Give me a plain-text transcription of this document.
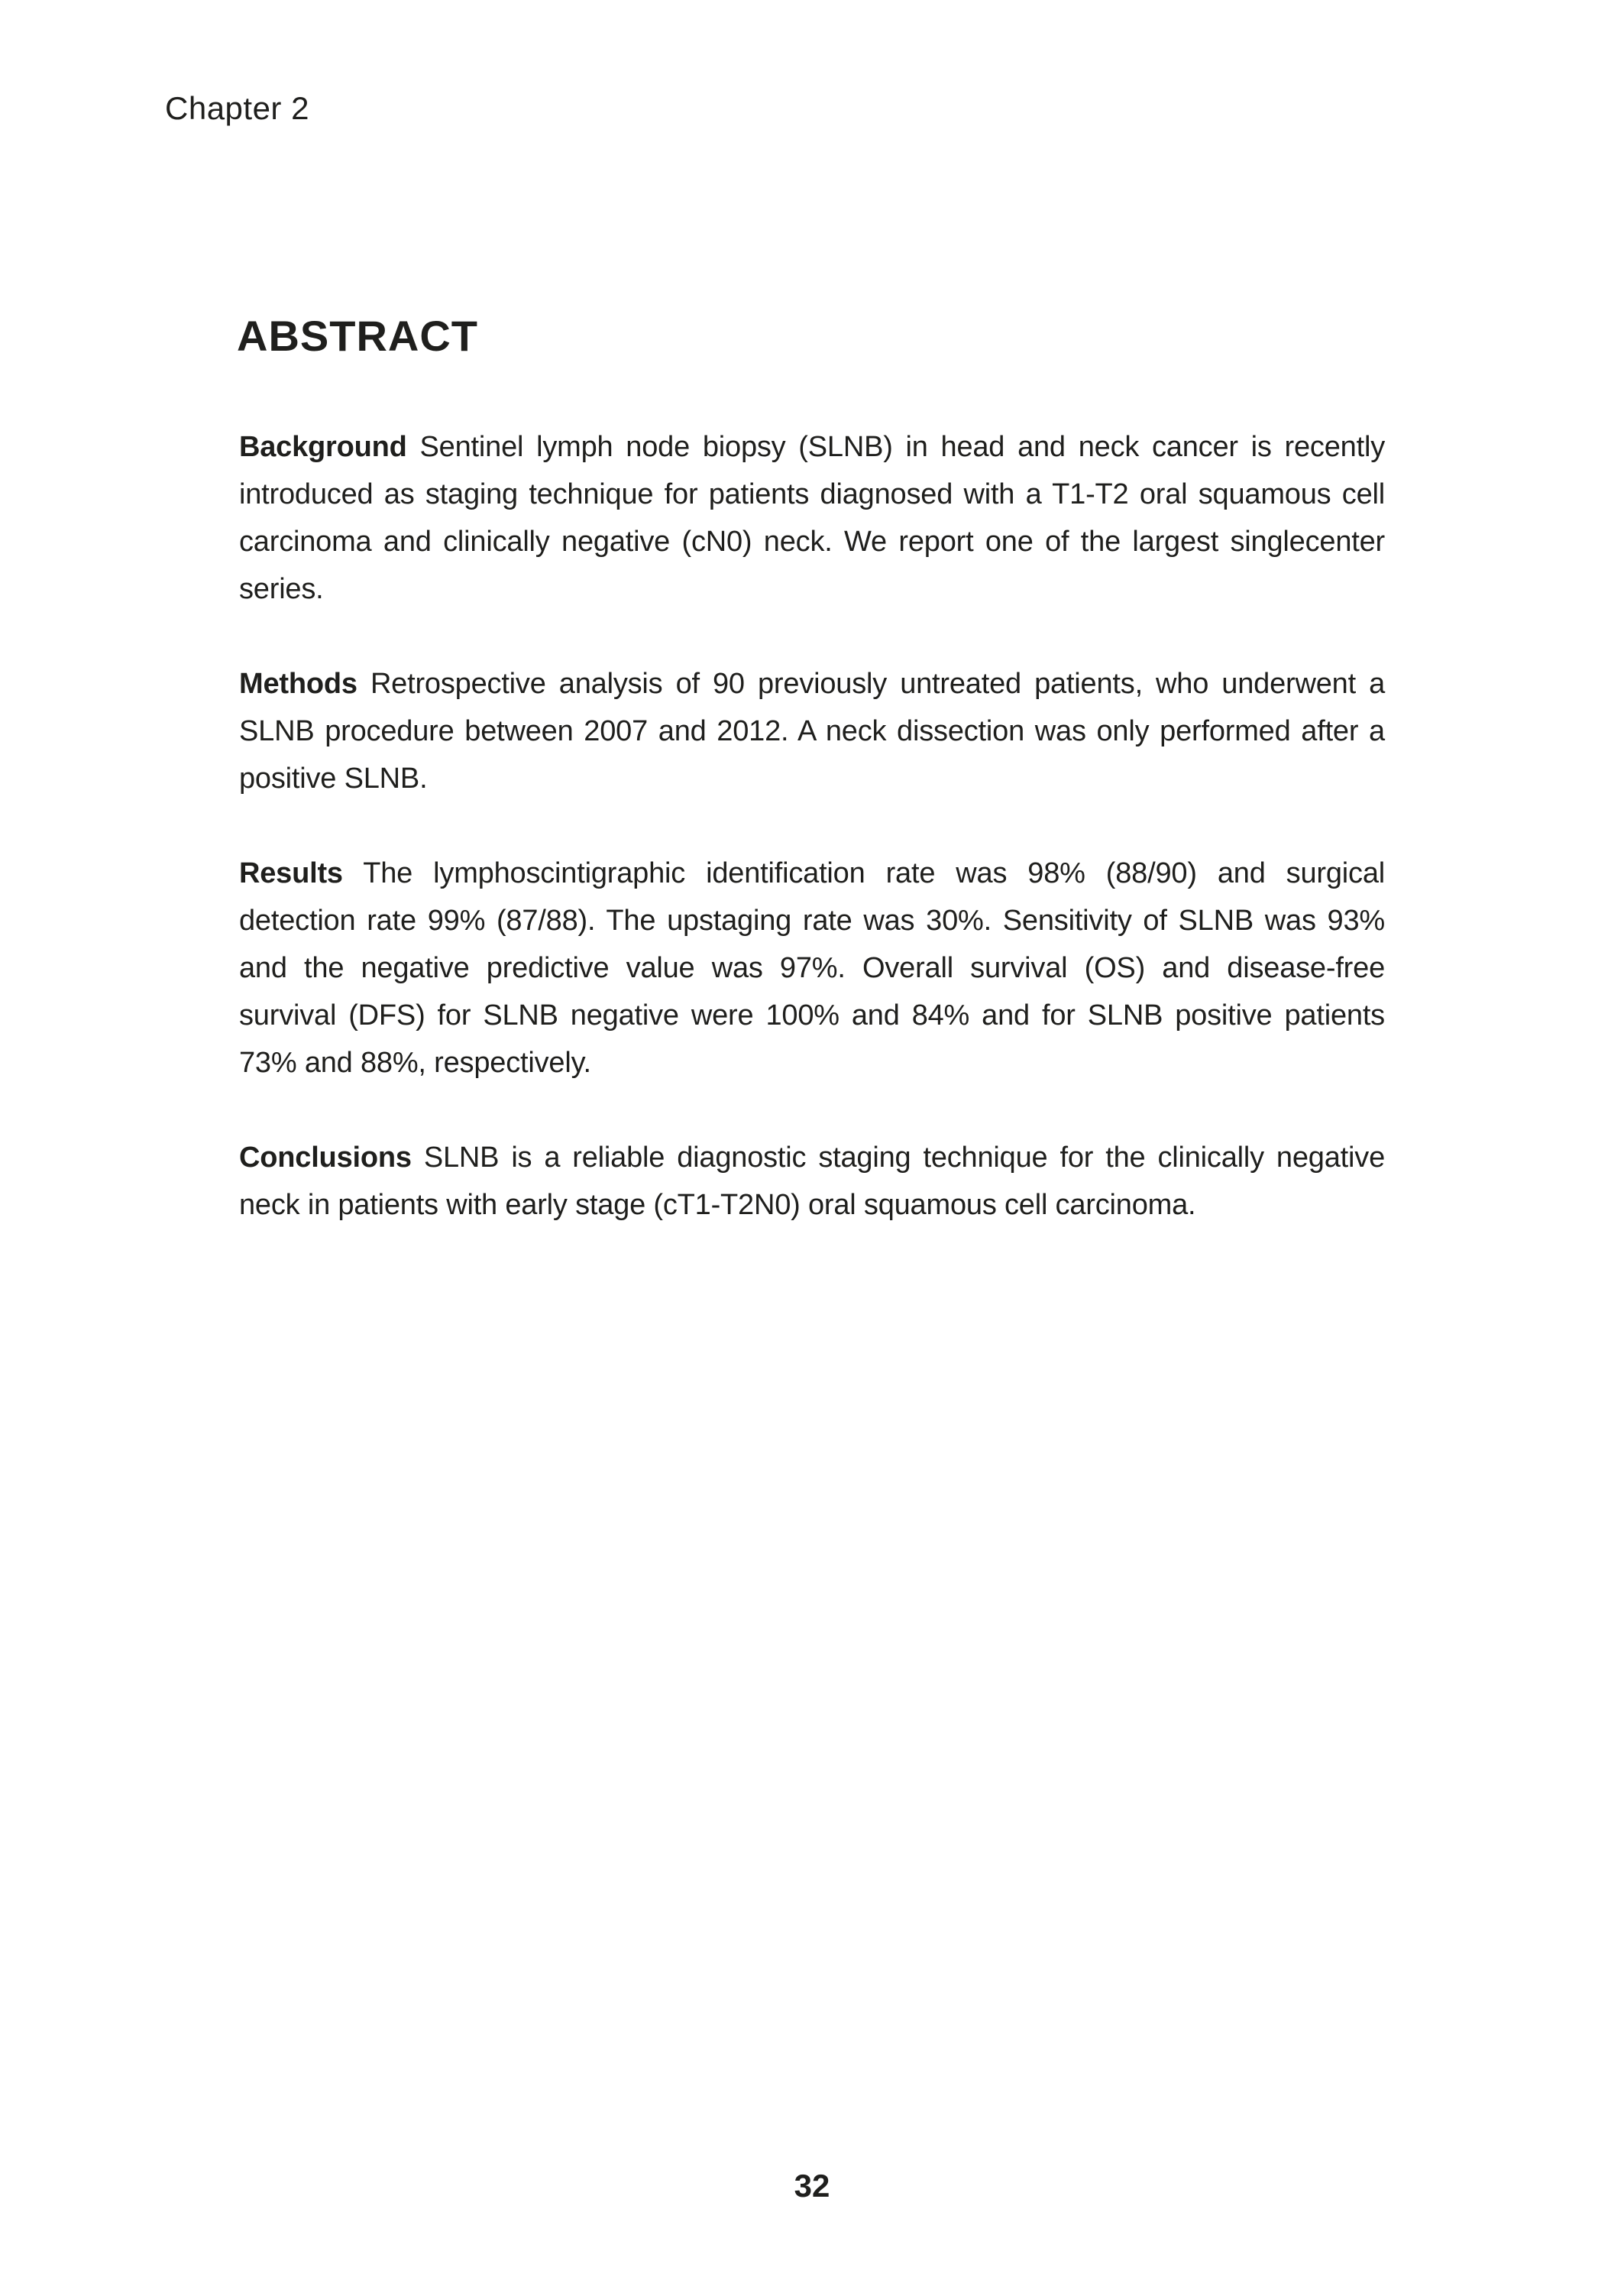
Chapter 2
ABSTRACT

Background Sentinel lymph node biopsy (SLNB) in head and neck cancer is recently introduced as staging technique for patients diagnosed with a T1-T2 oral squamous cell carcinoma and clinically negative (cN0) neck. We report one of the largest singlecenter series.

Methods Retrospective analysis of 90 previously untreated patients, who underwent a SLNB procedure between 2007 and 2012. A neck dissection was only performed after a positive SLNB.

Results The lymphoscintigraphic identification rate was 98% (88/90) and surgical detection rate 99% (87/88). The upstaging rate was 30%. Sensitivity of SLNB was 93% and the negative predictive value was 97%. Overall survival (OS) and disease-free survival (DFS) for SLNB negative were 100% and 84% and for SLNB positive patients 73% and 88%, respectively.

Conclusions SLNB is a reliable diagnostic staging technique for the clinically negative neck in patients with early stage (cT1-T2N0) oral squamous cell carcinoma.

32
